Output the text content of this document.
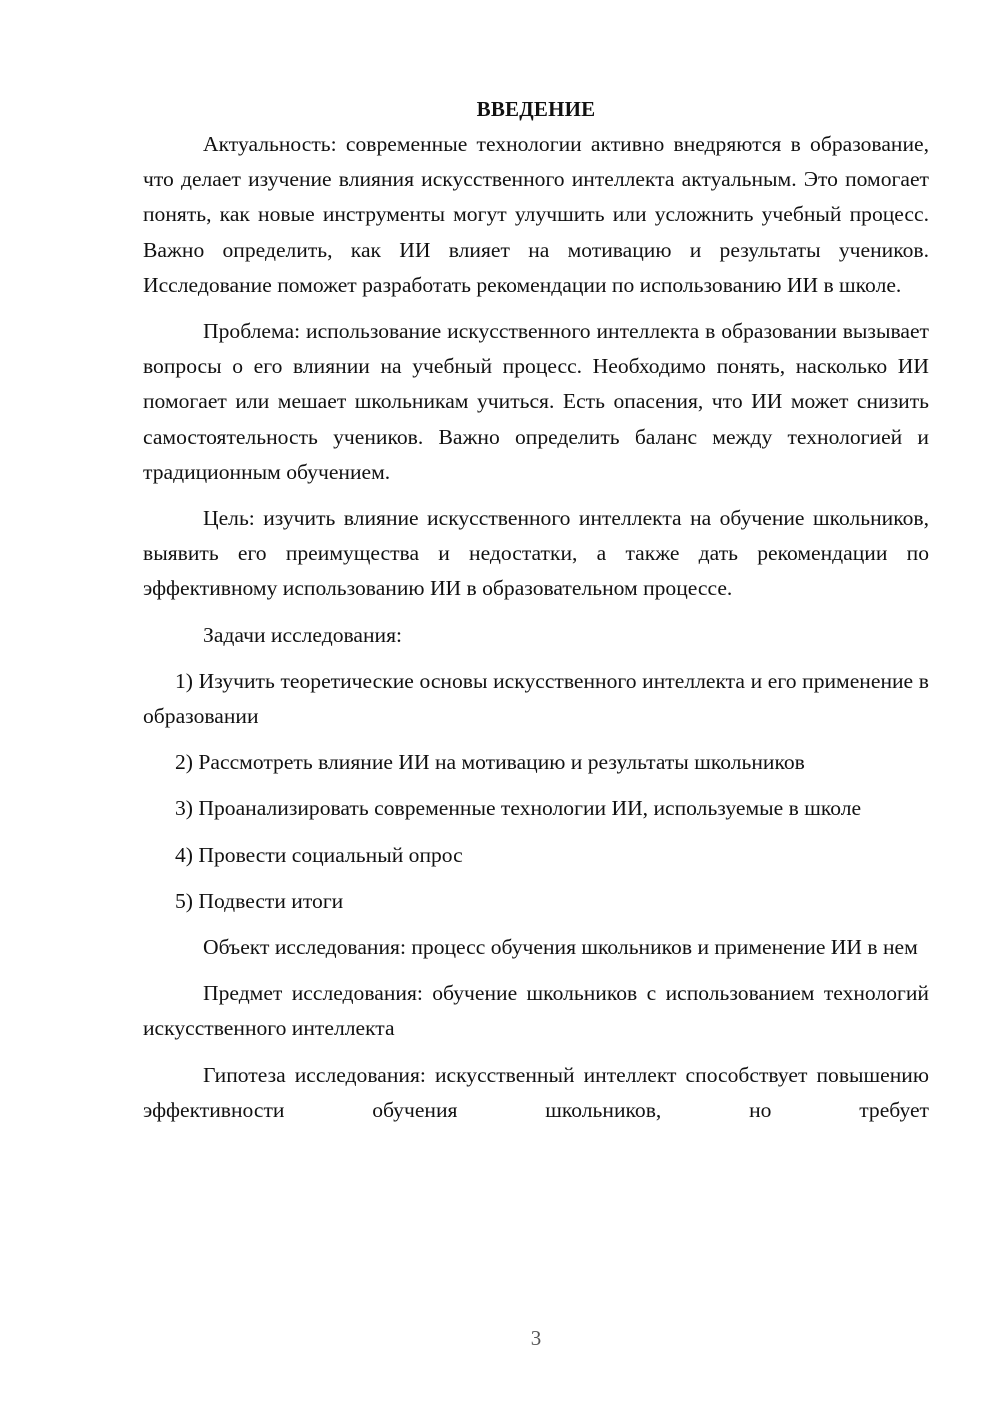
ВВЕДЕНИЕ

Актуальность: современные технологии активно внедряются в образование, что делает изучение влияния искусственного интеллекта актуальным. Это помогает понять, как новые инструменты могут улучшить или усложнить учебный процесс. Важно определить, как ИИ влияет на мотивацию и результаты учеников. Исследование поможет разработать рекомендации по использованию ИИ в школе.

Проблема: использование искусственного интеллекта в образовании вызывает вопросы о его влиянии на учебный процесс. Необходимо понять, насколько ИИ помогает или мешает школьникам учиться. Есть опасения, что ИИ может снизить самостоятельность учеников. Важно определить баланс между технологией и традиционным обучением.

Цель: изучить влияние искусственного интеллекта на обучение школьников, выявить его преимущества и недостатки, а также дать рекомендации по эффективному использованию ИИ в образовательном процессе.

Задачи исследования:

1) Изучить теоретические основы искусственного интеллекта и его применение в образовании

2) Рассмотреть влияние ИИ на мотивацию и результаты школьников

3) Проанализировать современные технологии ИИ, используемые в школе

4) Провести социальный опрос

5) Подвести итоги

Объект исследования: процесс обучения школьников и применение ИИ в нем

Предмет исследования: обучение школьников с использованием технологий искусственного интеллекта

Гипотеза исследования: искусственный интеллект способствует повышению эффективности обучения школьников, но требует

3
